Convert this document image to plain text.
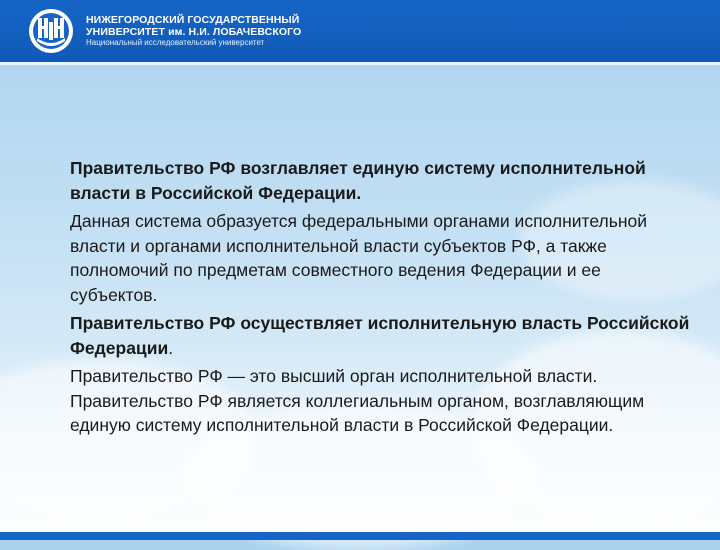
НИЖЕГОРОДСКИЙ ГОСУДАРСТВЕННЫЙ
УНИВЕРСИТЕТ им. Н.И. ЛОБАЧЕВСКОГО
Национальный исследовательский университет

Правительство РФ возглавляет единую систему исполнительной власти в Российской Федерации.

Данная система образуется федеральными органами исполнительной власти и органами исполнительной власти субъектов РФ, а также полномочий по предметам совместного ведения Федерации и ее субъектов.

Правительство РФ осуществляет исполнительную власть Российской Федерации.

Правительство РФ — это высший орган исполнительной власти. Правительство РФ является коллегиальным органом, возглавляющим единую систему исполнительной власти в Российской Федерации.
